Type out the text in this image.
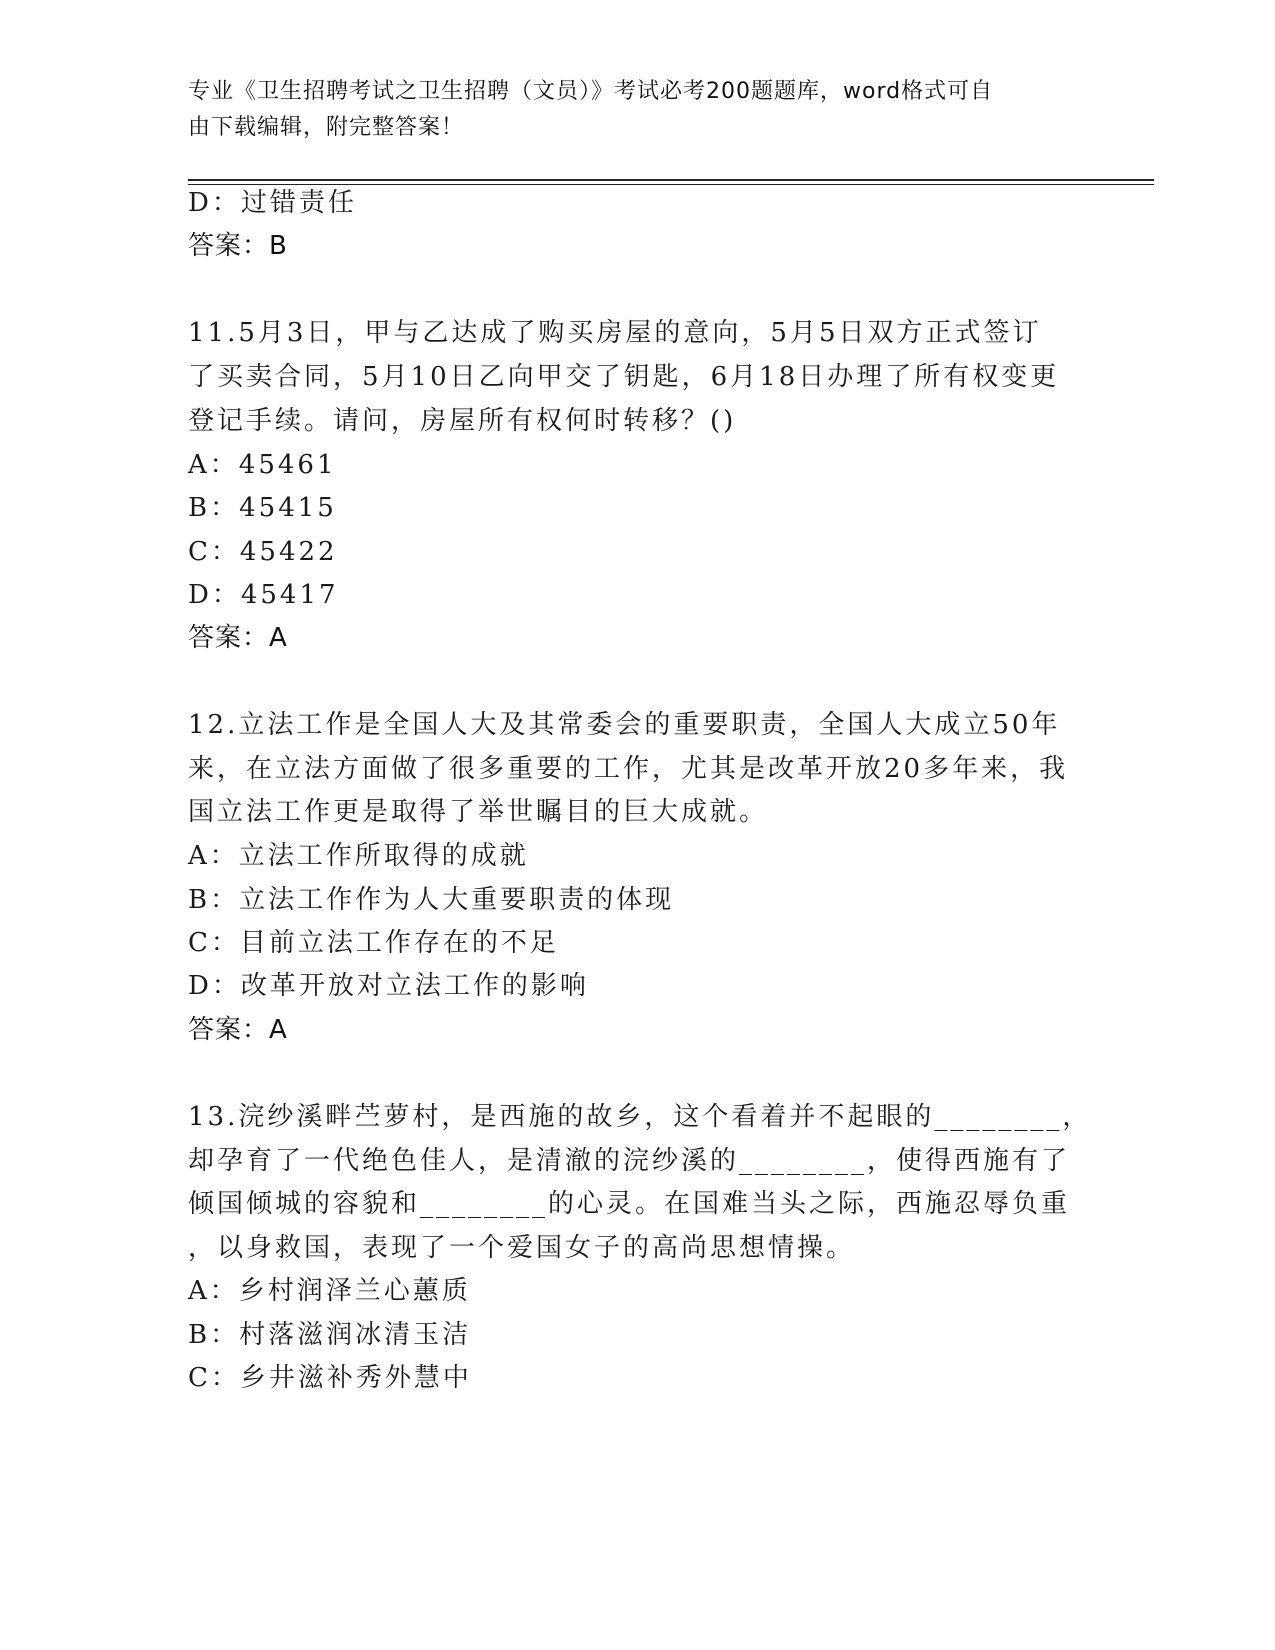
专业《卫生招聘考试之卫生招聘（文员）》考试必考200题题库，word格式可自
由下载编辑，附完整答案！
D：过错责任
答案：B
11.5月3日，甲与乙达成了购买房屋的意向，5月5日双方正式签订
了买卖合同，5月10日乙向甲交了钥匙，6月18日办理了所有权变更
登记手续。请问，房屋所有权何时转移？()
A：45461
B：45415
C：45422
D：45417
答案：A
12.立法工作是全国人大及其常委会的重要职责，全国人大成立50年
来，在立法方面做了很多重要的工作，尤其是改革开放20多年来，我
国立法工作更是取得了举世瞩目的巨大成就。
A：立法工作所取得的成就
B：立法工作作为人大重要职责的体现
C：目前立法工作存在的不足
D：改革开放对立法工作的影响
答案：A
13.浣纱溪畔苎萝村，是西施的故乡，这个看着并不起眼的________，
却孕育了一代绝色佳人，是清澈的浣纱溪的________，使得西施有了
倾国倾城的容貌和________的心灵。在国难当头之际，西施忍辱负重
，以身救国，表现了一个爱国女子的高尚思想情操。
A：乡村润泽兰心蕙质
B：村落滋润冰清玉洁
C：乡井滋补秀外慧中
